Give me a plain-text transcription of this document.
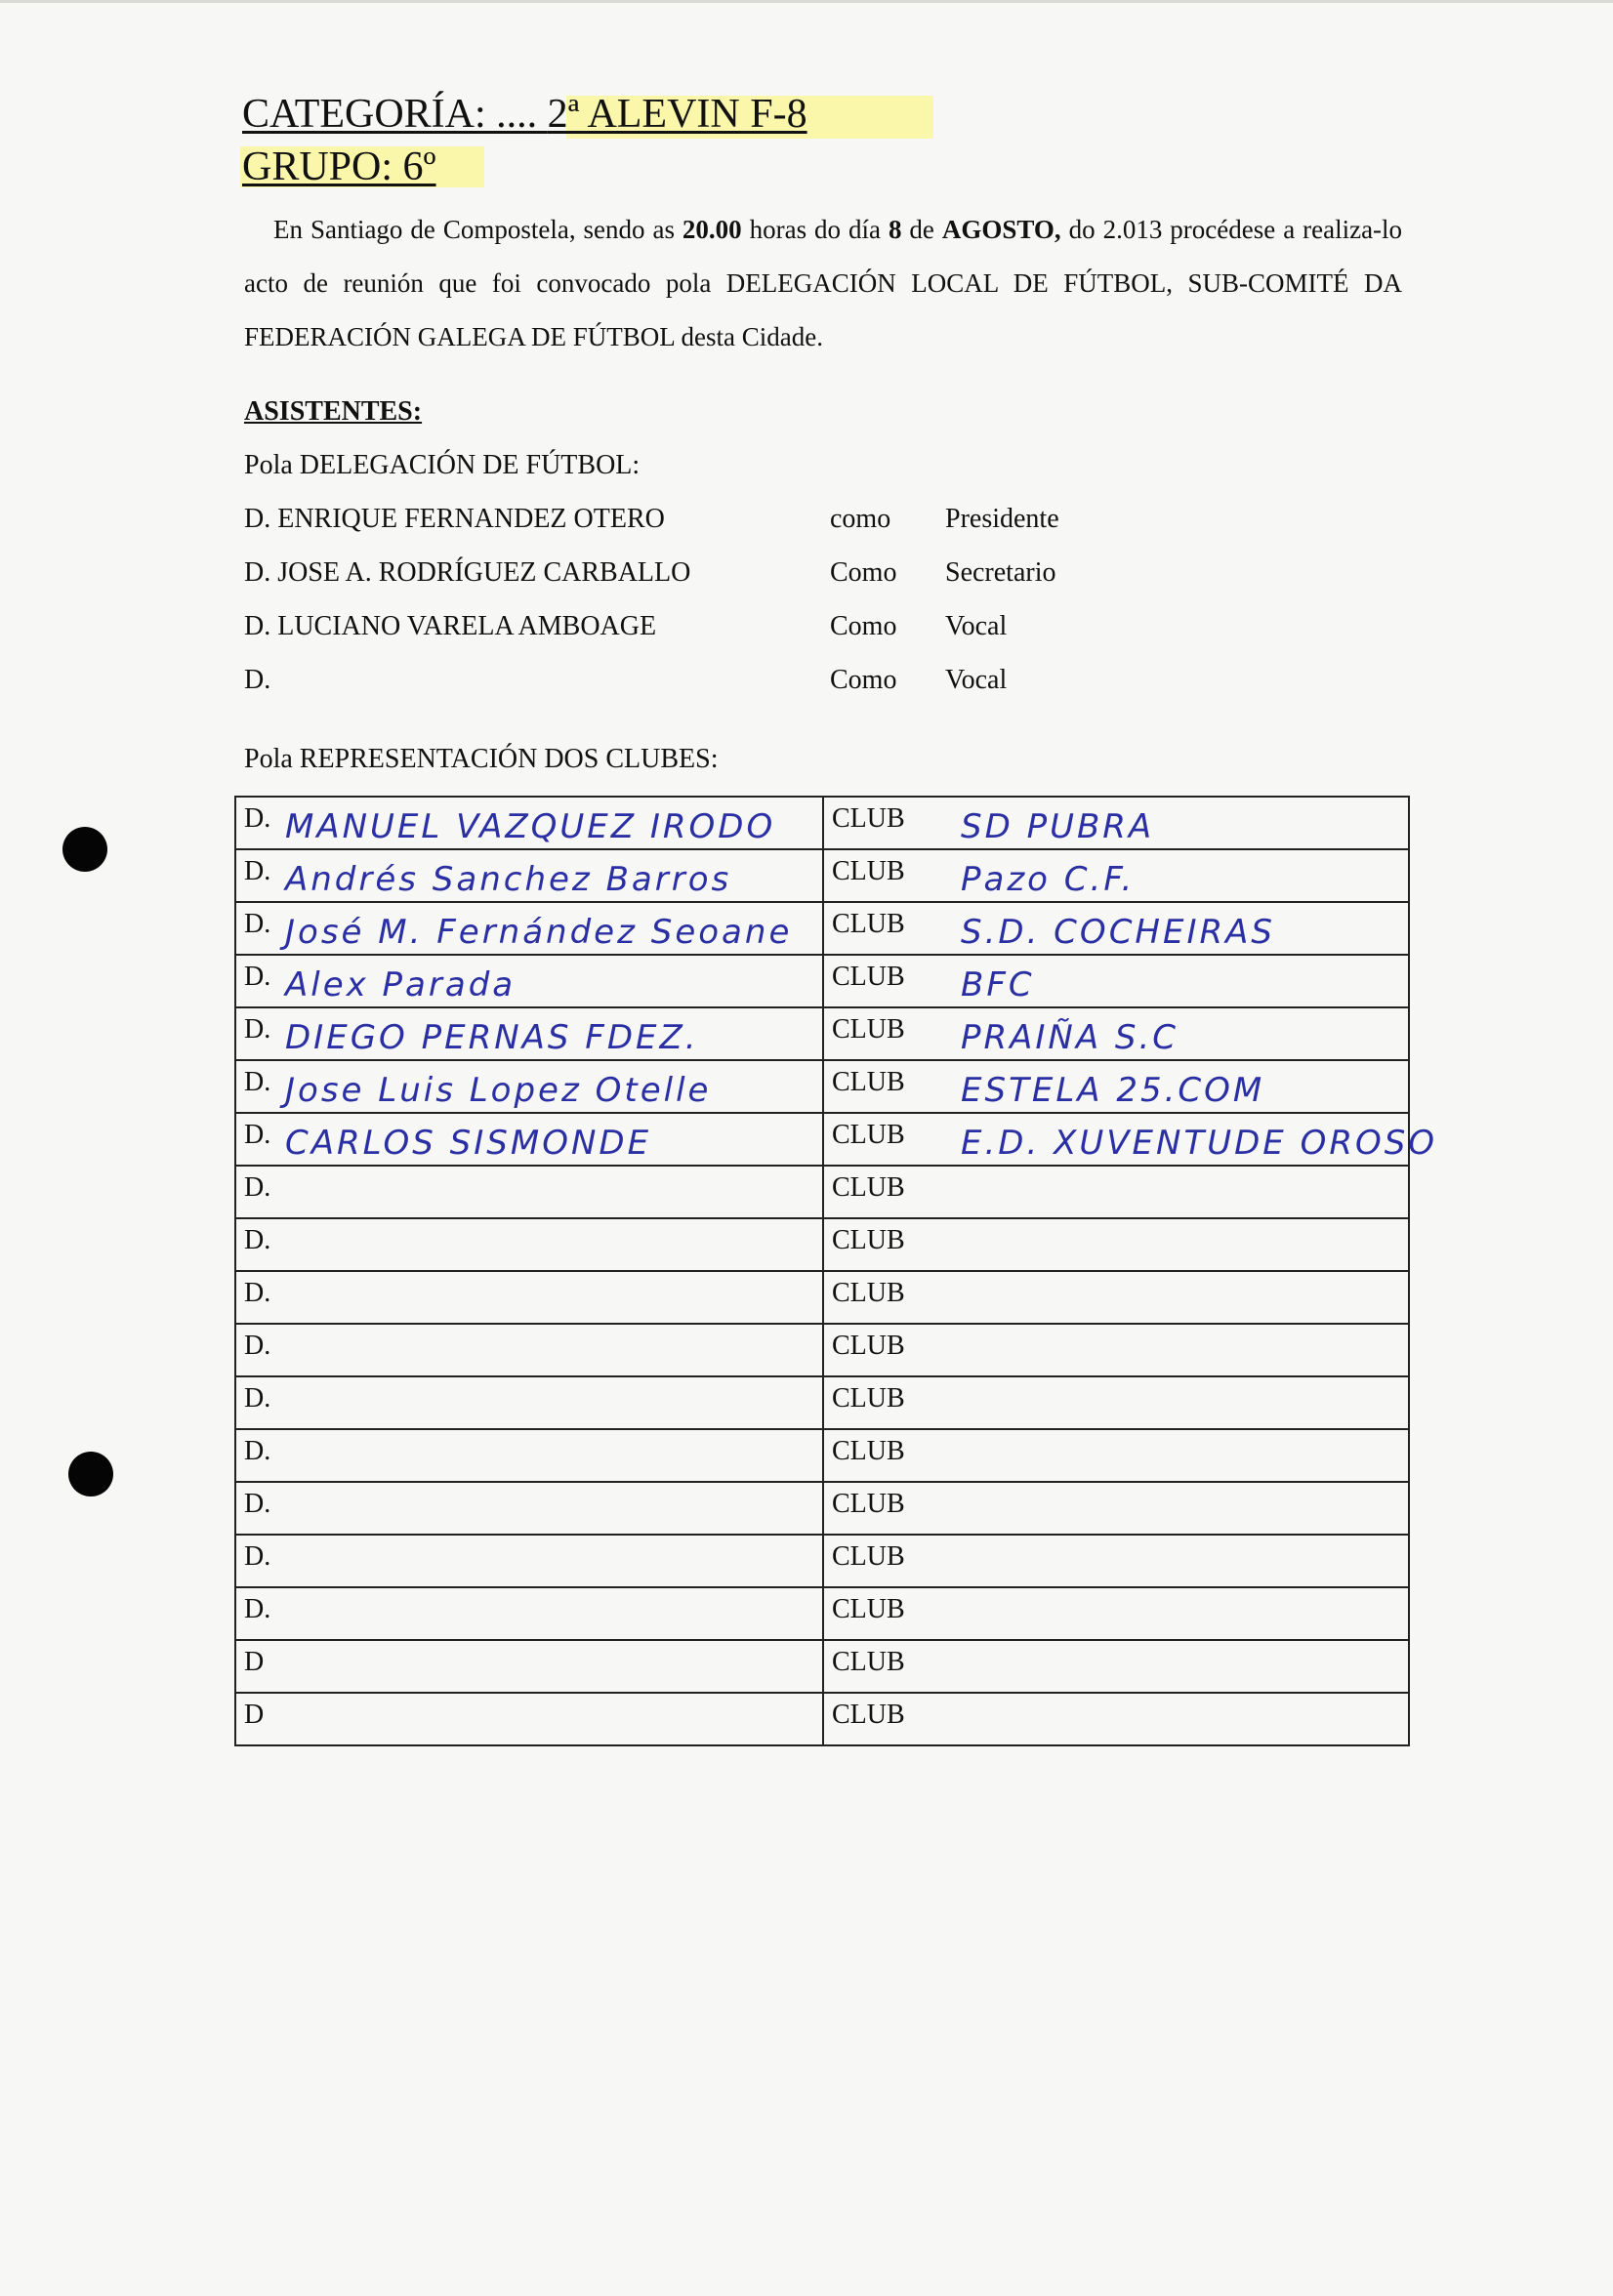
CATEGORÍA: .... 2ª ALEVIN F-8
GRUPO: 6º

En Santiago de Compostela, sendo as 20.00 horas do día 8 de AGOSTO, do 2.013 procédese a realiza-lo acto de reunión que foi convocado pola DELEGACIÓN LOCAL DE FÚTBOL, SUB-COMITÉ DA FEDERACIÓN GALEGA DE FÚTBOL desta Cidade.

ASISTENTES:
Pola DELEGACIÓN DE FÚTBOL:
D. ENRIQUE FERNANDEZ OTERO	como Presidente
D. JOSE A. RODRÍGUEZ CARBALLO	Como Secretario
D. LUCIANO VARELA AMBOAGE	Como Vocal
D.	Como Vocal
Pola REPRESENTACIÓN DOS CLUBES:
D. MANUEL VAZQUEZ IRODO	CLUB SD PUBRA

D. Andrés Sanchez Barros	CLUB Pazo C.F.

D. José M. Fernández Seoane	CLUB S.D. COCHEIRAS

D. Alex Parada	CLUB BFC

D. DIEGO PERNAS FDEZ.	CLUB PRAIÑA S.C

D. Jose Luis Lopez Otelle	CLUB ESTELA 25.COM

D. CARLOS SISMONDE	CLUB E.D. XUVENTUDE OROSO

D.	CLUB

D.	CLUB

D.	CLUB

D.	CLUB

D.	CLUB

D.	CLUB

D.	CLUB

D.	CLUB

D.	CLUB

D	CLUB

D	CLUB
